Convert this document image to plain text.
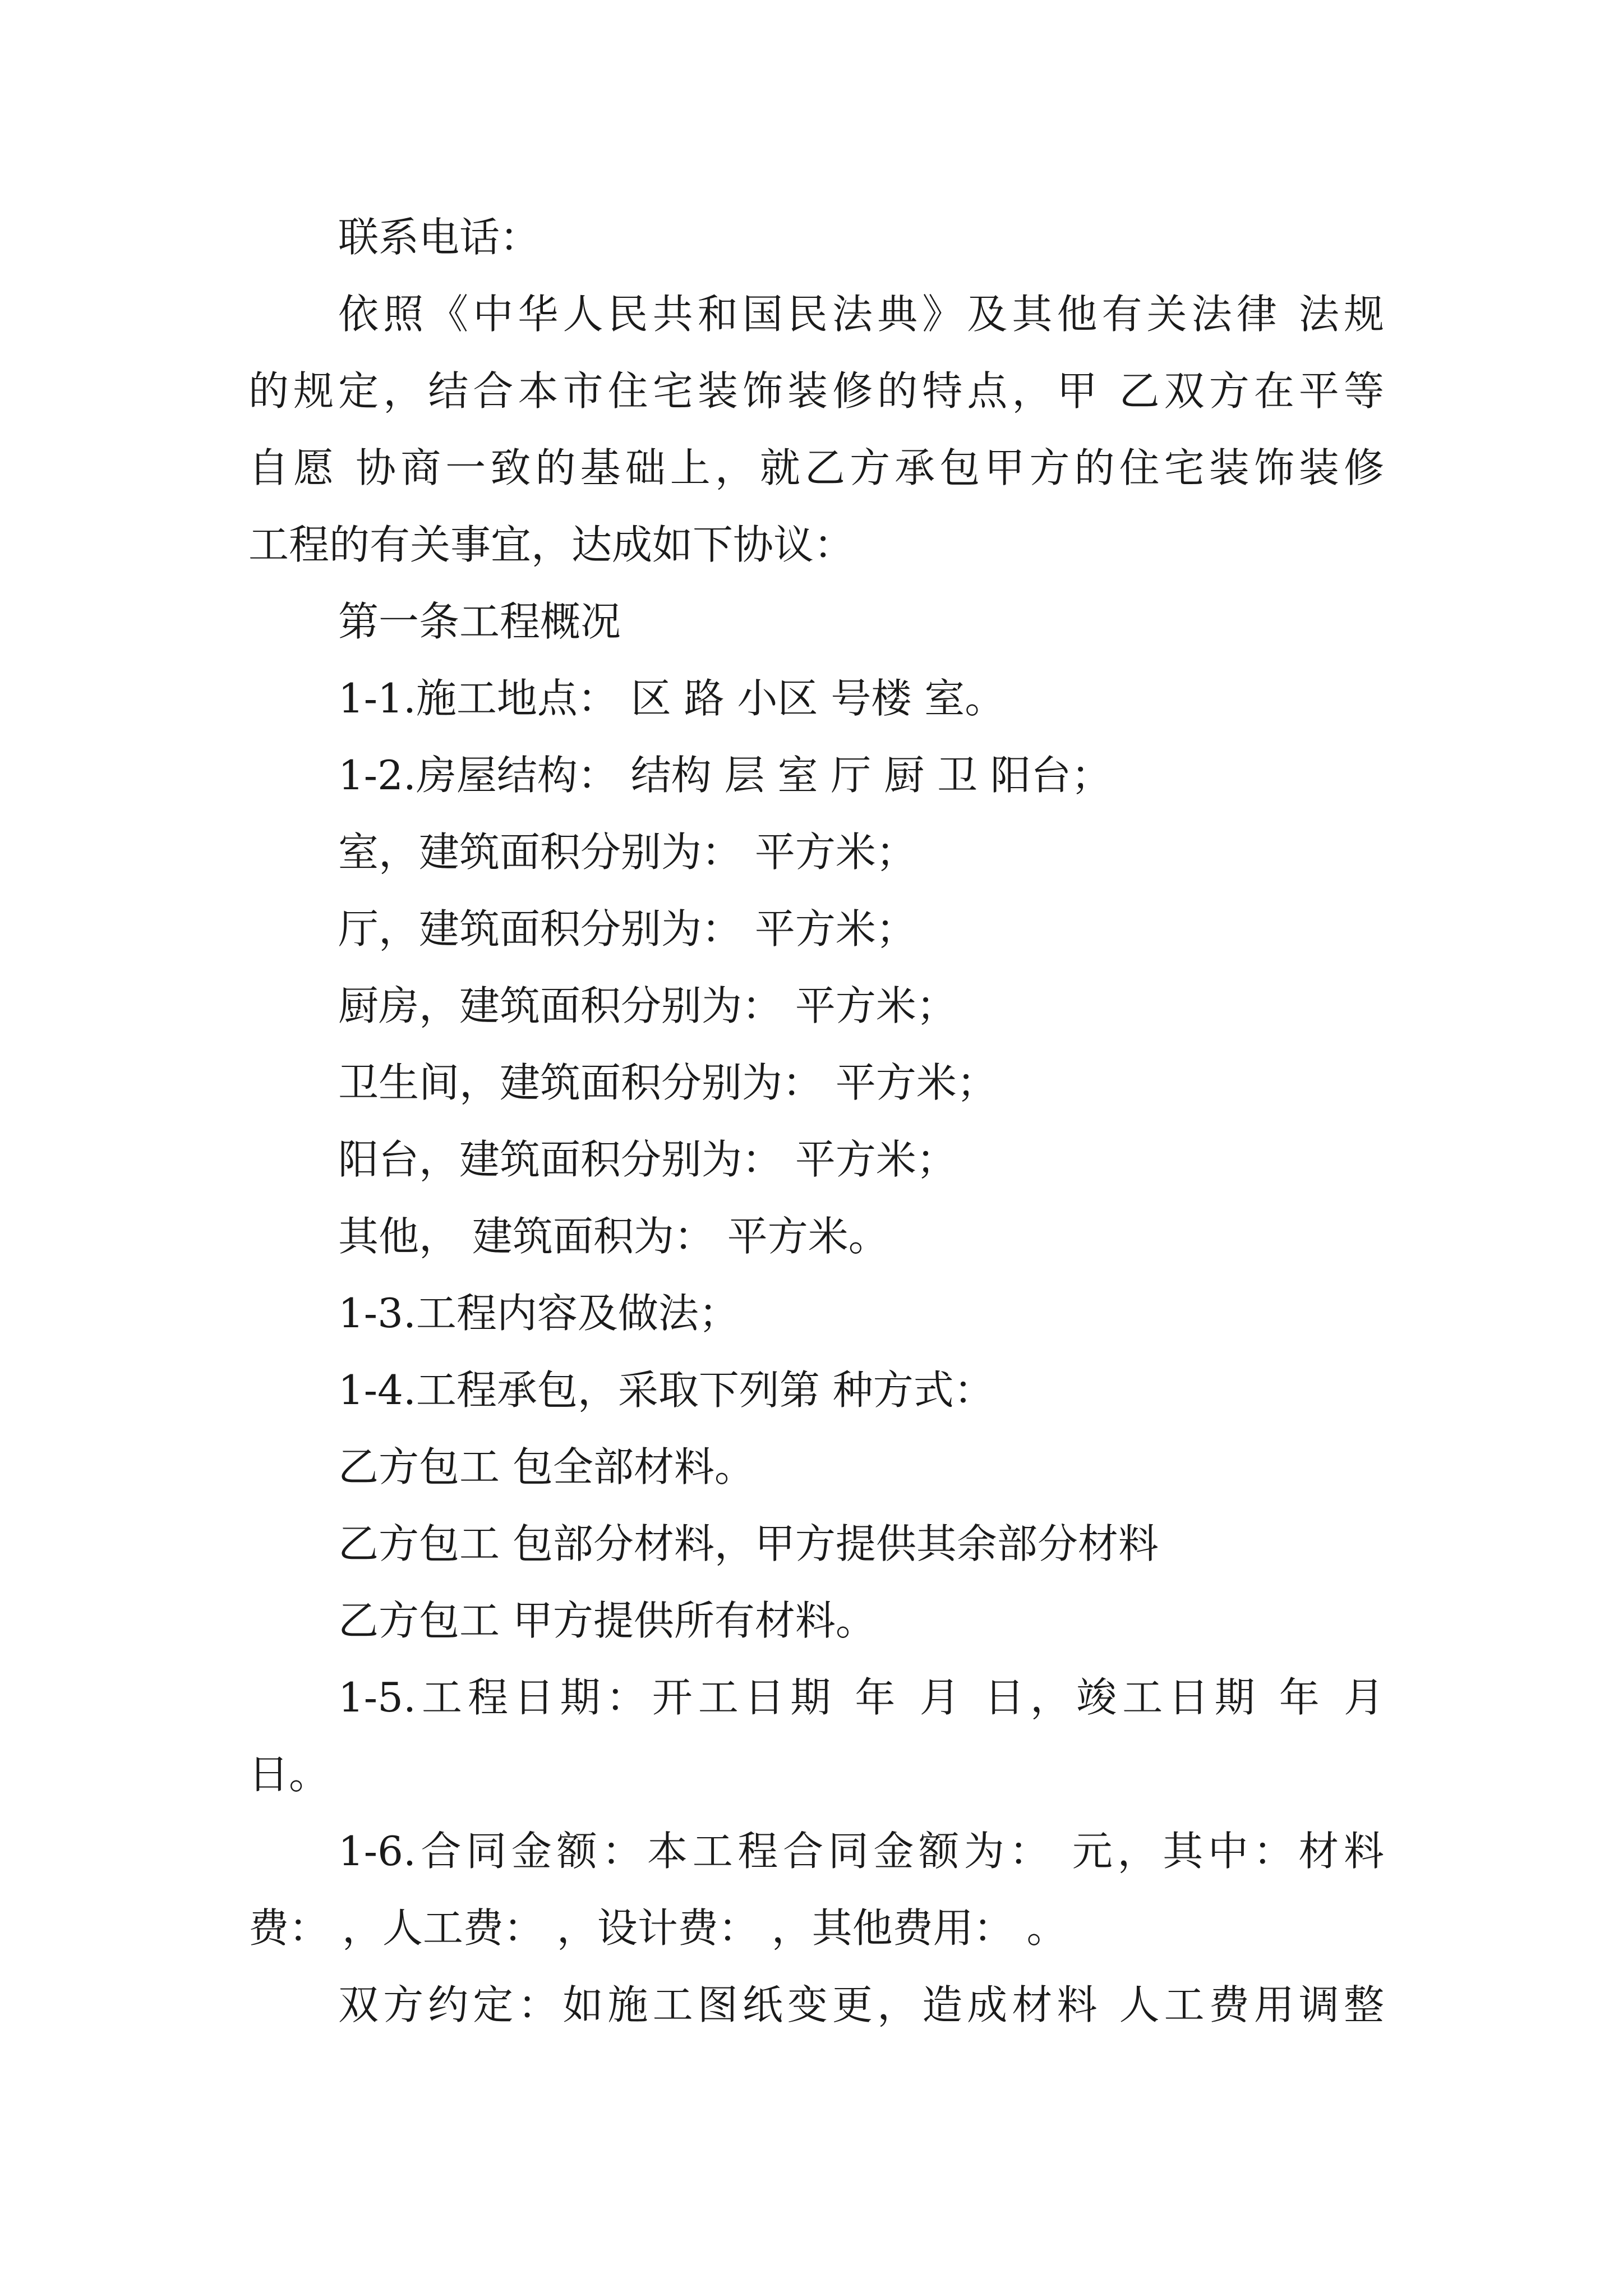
联系电话：
依照《中华人民共和国民法典》及其他有关法律 法规
的规定，结合本市住宅装饰装修的特点，甲 乙双方在平等
自愿 协商一致的基础上，就乙方承包甲方的住宅装饰装修
工程的有关事宜，达成如下协议：
第一条工程概况
1-1.施工地点： 区 路 小区 号楼 室。
1-2.房屋结构： 结构 层 室 厅 厨 卫 阳台；
室，建筑面积分别为： 平方米；
厅，建筑面积分别为： 平方米；
厨房，建筑面积分别为： 平方米；
卫生间，建筑面积分别为： 平方米；
阳台，建筑面积分别为： 平方米；
其他， 建筑面积为： 平方米。
1-3.工程内容及做法；
1-4.工程承包，采取下列第 种方式：
乙方包工 包全部材料。
乙方包工 包部分材料，甲方提供其余部分材料
乙方包工 甲方提供所有材料。
1-5.工程日期：开工日期 年 月 日，竣工日期 年 月
日。
1-6.合同金额：本工程合同金额为： 元，其中：材料
费： ，人工费： ，设计费： ，其他费用： 。
双方约定：如施工图纸变更，造成材料 人工费用调整
